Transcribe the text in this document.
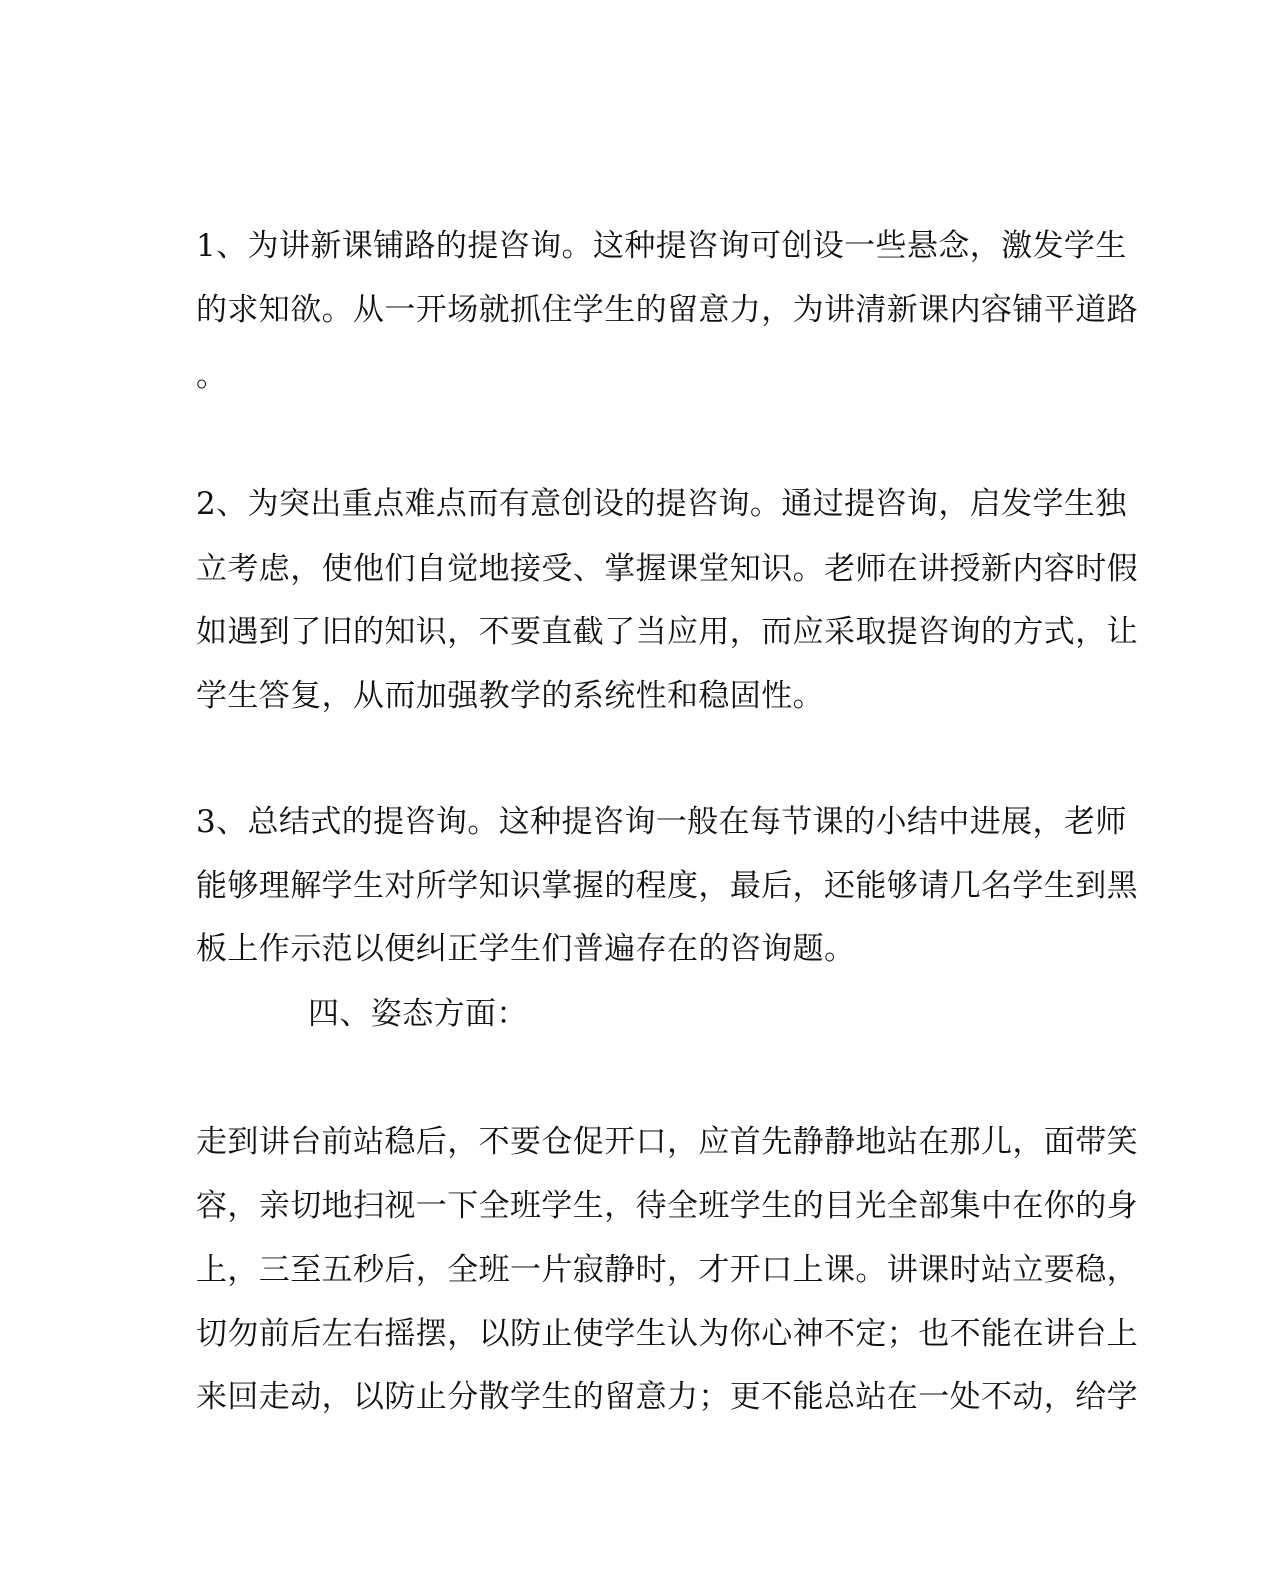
1、为讲新课铺路的提咨询。这种提咨询可创设一些悬念，激发学生
的求知欲。从一开场就抓住学生的留意力，为讲清新课内容铺平道路
。
2、为突出重点难点而有意创设的提咨询。通过提咨询，启发学生独
立考虑，使他们自觉地接受、掌握课堂知识。老师在讲授新内容时假
如遇到了旧的知识，不要直截了当应用，而应采取提咨询的方式，让
学生答复，从而加强教学的系统性和稳固性。
3、总结式的提咨询。这种提咨询一般在每节课的小结中进展，老师
能够理解学生对所学知识掌握的程度，最后，还能够请几名学生到黑
板上作示范以便纠正学生们普遍存在的咨询题。
四、姿态方面：
走到讲台前站稳后，不要仓促开口，应首先静静地站在那儿，面带笑
容，亲切地扫视一下全班学生，待全班学生的目光全部集中在你的身
上，三至五秒后，全班一片寂静时，才开口上课。讲课时站立要稳，
切勿前后左右摇摆，以防止使学生认为你心神不定；也不能在讲台上
来回走动，以防止分散学生的留意力；更不能总站在一处不动，给学
